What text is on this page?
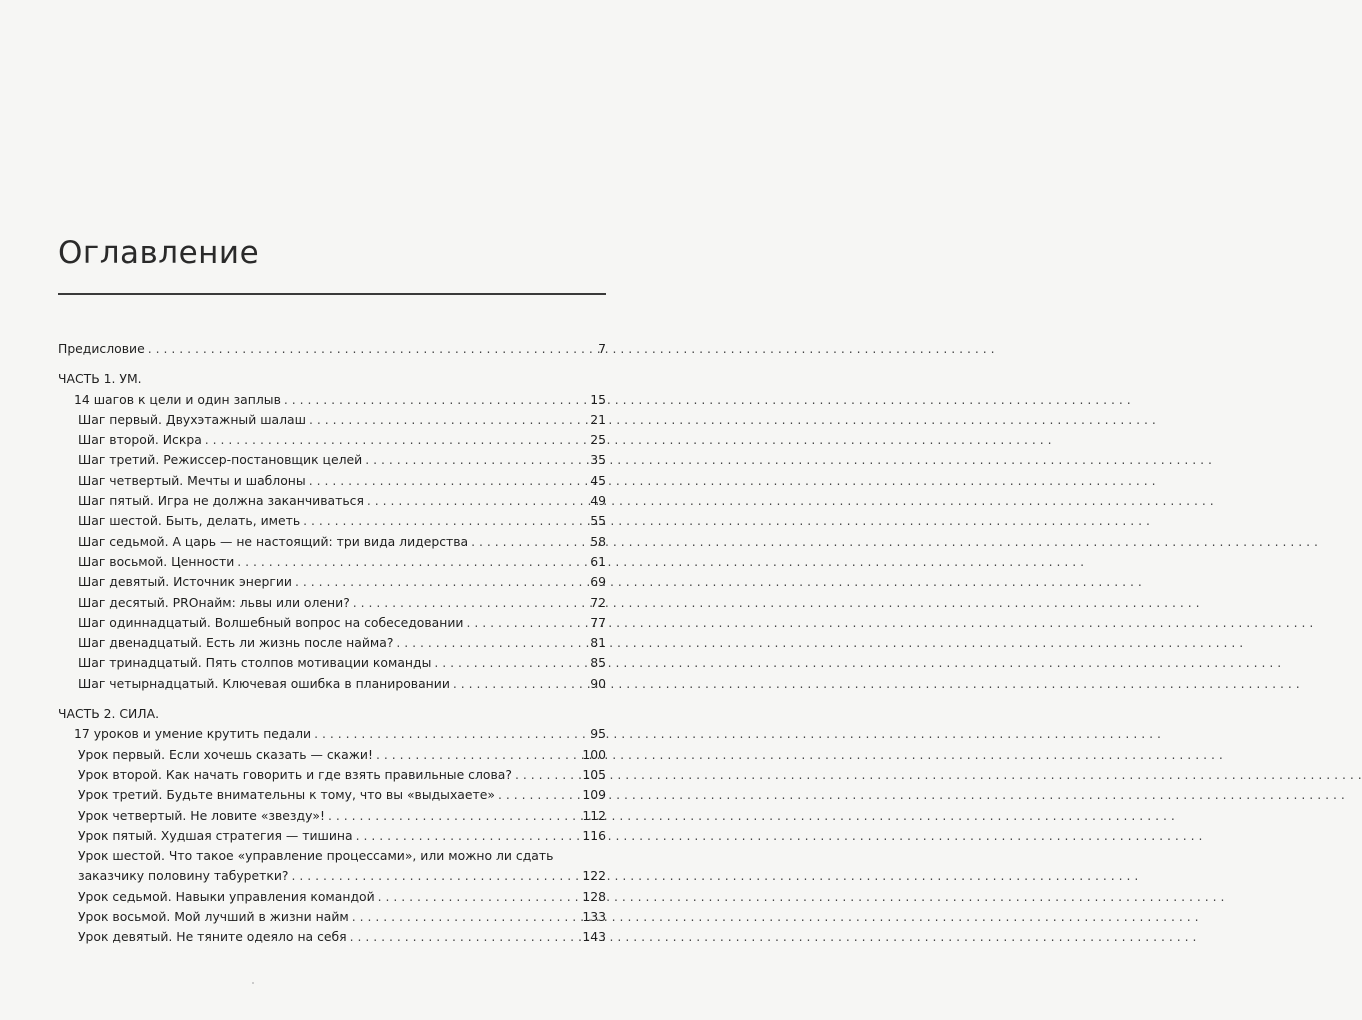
Оглавление
Предисловие . . .	7
ЧАСТЬ 1. УМ.
14 шагов к цели и один заплыв . . .	15
Шаг первый. Двухэтажный шалаш . . .	21
Шаг второй. Искра . . .	25
Шаг третий. Режиссер-постановщик целей . . .	35
Шаг четвертый. Мечты и шаблоны . . .	45
Шаг пятый. Игра не должна заканчиваться . . .	49
Шаг шестой. Быть, делать, иметь . . .	55
Шаг седьмой. А царь — не настоящий: три вида лидерства . . .	58
Шаг восьмой. Ценности . . .	61
Шаг девятый. Источник энергии . . .	69
Шаг десятый. PROнайм: львы или олени? . . .	72
Шаг одиннадцатый. Волшебный вопрос на собеседовании . . .	77
Шаг двенадцатый. Есть ли жизнь после найма? . . .	81
Шаг тринадцатый. Пять столпов мотивации команды . . .	85
Шаг четырнадцатый. Ключевая ошибка в планировании . . .	90
ЧАСТЬ 2. СИЛА.
17 уроков и умение крутить педали . . .	95
Урок первый. Если хочешь сказать — скажи! . . .	100
Урок второй. Как начать говорить и где взять правильные слова? . . .	105
Урок третий. Будьте внимательны к тому, что вы «выдыхаете» . . .	109
Урок четвертый. Не ловите «звезду»! . . .	112
Урок пятый. Худшая стратегия — тишина . . .	116
Урок шестой. Что такое «управление процессами», или можно ли сдать
заказчику половину табуретки? . . .	122
Урок седьмой. Навыки управления командой . . .	128
Урок восьмой. Мой лучший в жизни найм . . .	133
Урок девятый. Не тяните одеяло на себя . . .	143
